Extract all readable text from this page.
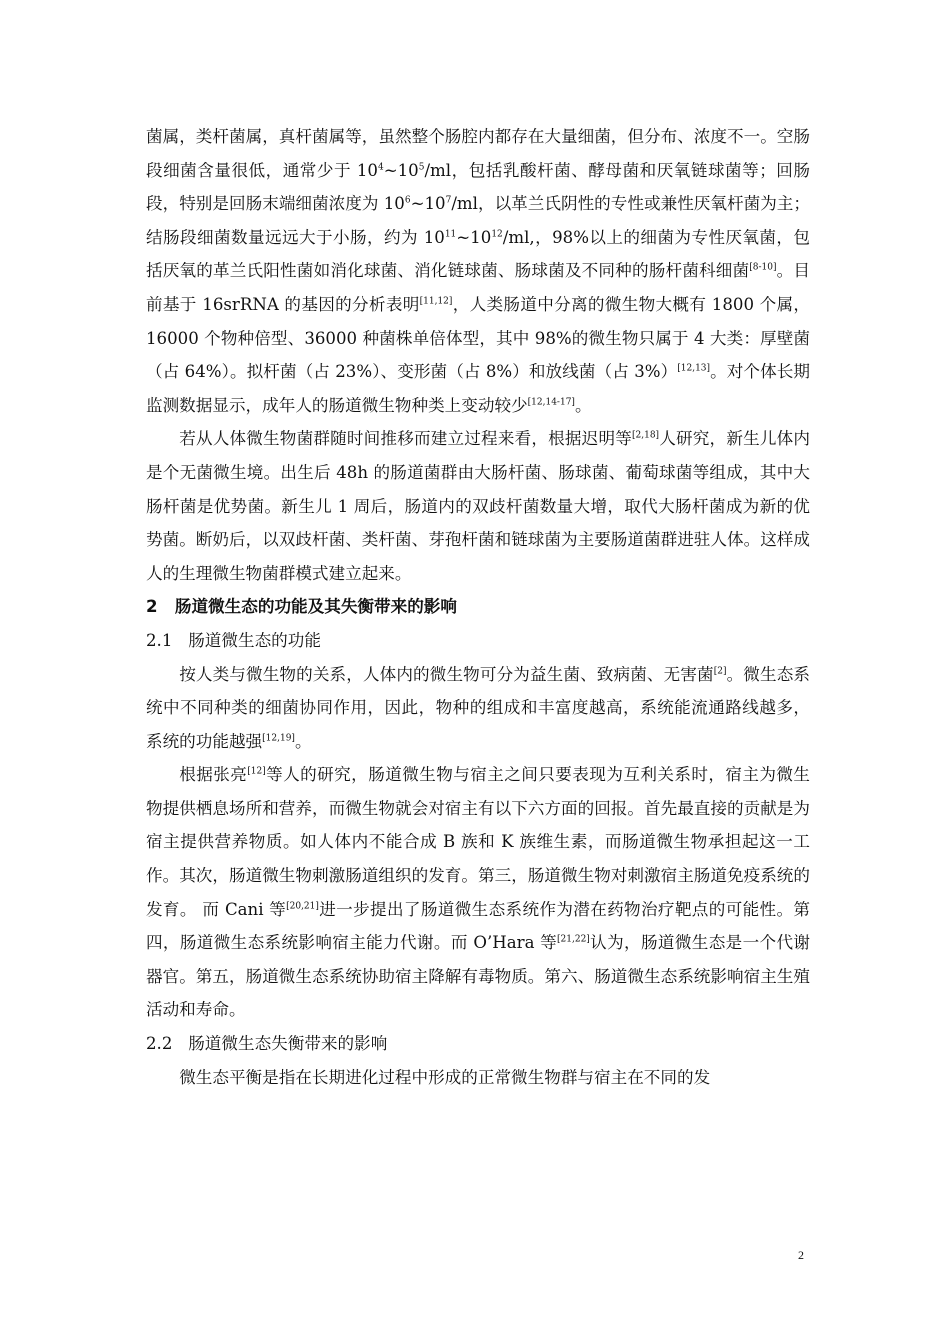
菌属，类杆菌属，真杆菌属等，虽然整个肠腔内都存在大量细菌，但分布、浓度不一。空肠段细菌含量很低，通常少于 10$^4$~10$^5$/ml，包括乳酸杆菌、酵母菌和厌氧链球菌等；回肠段，特别是回肠末端细菌浓度为 10$^6$~10$^7$/ml，以革兰氏阴性的专性或兼性厌氧杆菌为主；结肠段细菌数量远远大于小肠，约为 10$^{11}$~10$^{12}$/ml,，98%以上的细菌为专性厌氧菌，包括厌氧的革兰氏阳性菌如消化球菌、消化链球菌、肠球菌及不同种的肠杆菌科细菌[8-10]。目前基于 16srRNA 的基因的分析表明[11,12]，人类肠道中分离的微生物大概有 1800 个属，16000 个物种倍型、36000 种菌株单倍体型，其中 98%的微生物只属于 4 大类：厚壁菌（占 64%）。拟杆菌（占 23%）、变形菌（占 8%）和放线菌（占 3%）[12,13]。对个体长期监测数据显示，成年人的肠道微生物种类上变动较少[12,14-17]。

若从人体微生物菌群随时间推移而建立过程来看，根据迟明等[2,18]人研究，新生儿体内是个无菌微生境。出生后 48h 的肠道菌群由大肠杆菌、肠球菌、葡萄球菌等组成，其中大肠杆菌是优势菌。新生儿 1 周后，肠道内的双歧杆菌数量大增，取代大肠杆菌成为新的优势菌。断奶后，以双歧杆菌、类杆菌、芽孢杆菌和链球菌为主要肠道菌群进驻人体。这样成人的生理微生物菌群模式建立起来。

2 肠道微生态的功能及其失衡带来的影响

2.1 肠道微生态的功能

按人类与微生物的关系，人体内的微生物可分为益生菌、致病菌、无害菌[2]。微生态系统中不同种类的细菌协同作用，因此，物种的组成和丰富度越高，系统能流通路线越多， 系统的功能越强[12,19]。

根据张亮[12]等人的研究，肠道微生物与宿主之间只要表现为互利关系时，宿主为微生物提供栖息场所和营养，而微生物就会对宿主有以下六方面的回报。首先最直接的贡献是为宿主提供营养物质。如人体内不能合成 B 族和 K 族维生素，而肠道微生物承担起这一工作。其次，肠道微生物刺激肠道组织的发育。第三，肠道微生物对刺激宿主肠道免疫系统的发育。 而 Cani 等[20,21]进一步提出了肠道微生态系统作为潜在药物治疗靶点的可能性。第四，肠道微生态系统影响宿主能力代谢。而 O’Hara 等[21,22]认为，肠道微生态是一个代谢器官。第五，肠道微生态系统协助宿主降解有毒物质。第六、肠道微生态系统影响宿主生殖活动和寿命。

2.2 肠道微生态失衡带来的影响

微生态平衡是指在长期进化过程中形成的正常微生物群与宿主在不同的发

2
